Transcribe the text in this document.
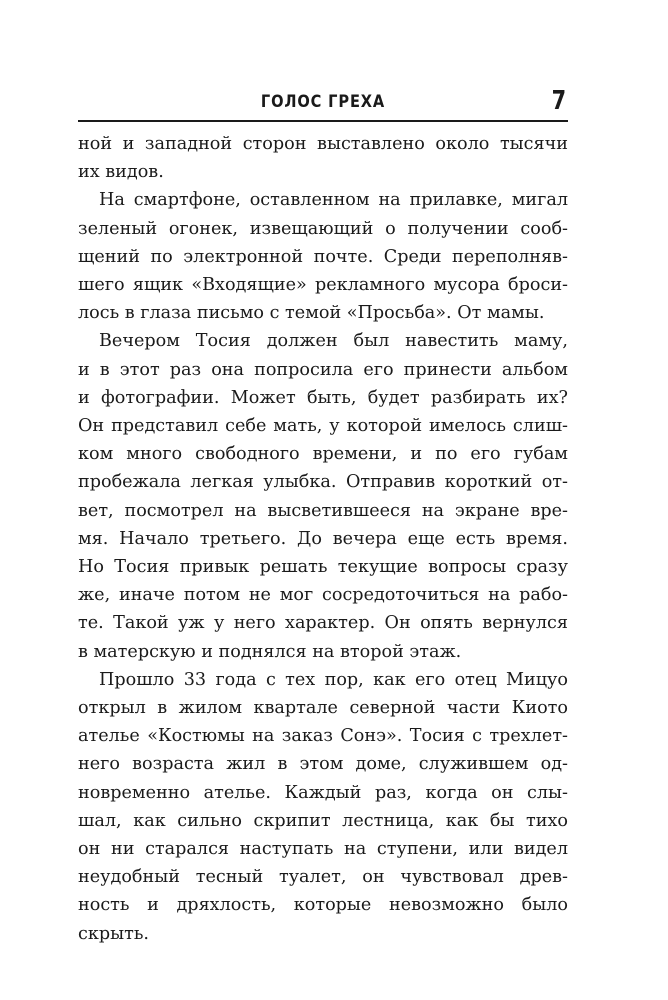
ГОЛОС ГРЕХА	7

ной и западной сторон выставлено около тысячи
их видов.

На смартфоне, оставленном на прилавке, мигал
зеленый огонек, извещающий о получении сооб-
щений по электронной почте. Среди переполняв-
шего ящик «Входящие» рекламного мусора броси-
лось в глаза письмо с темой «Просьба». От мамы.

Вечером Тосия должен был навестить маму,
и в этот раз она попросила его принести альбом
и фотографии. Может быть, будет разбирать их?
Он представил себе мать, у которой имелось слиш-
ком много свободного времени, и по его губам
пробежала легкая улыбка. Отправив короткий от-
вет, посмотрел на высветившееся на экране вре-
мя. Начало третьего. До вечера еще есть время.
Но Тосия привык решать текущие вопросы сразу
же, иначе потом не мог сосредоточиться на рабо-
те. Такой уж у него характер. Он опять вернулся
в матерскую и поднялся на второй этаж.

Прошло 33 года с тех пор, как его отец Мицуо
открыл в жилом квартале северной части Киото
ателье «Костюмы на заказ Сонэ». Тосия с трехлет-
него возраста жил в этом доме, служившем од-
новременно ателье. Каждый раз, когда он слы-
шал, как сильно скрипит лестница, как бы тихо
он ни старался наступать на ступени, или видел
неудобный тесный туалет, он чувствовал древ-
ность и дряхлость, которые невозможно было
скрыть.
